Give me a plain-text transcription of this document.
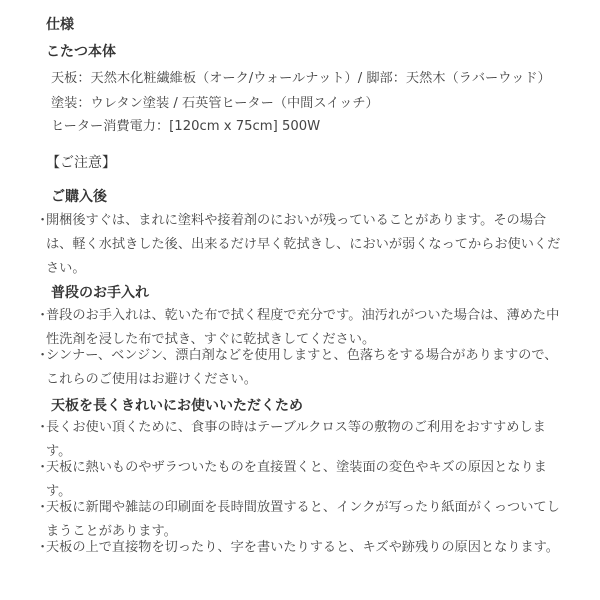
仕様
こたつ本体
天板：天然木化粧繊維板（オーク/ウォールナット）/ 脚部：天然木（ラバーウッド）
塗装：ウレタン塗装 / 石英管ヒーター（中間スイッチ）
ヒーター消費電力：[120cm x 75cm] 500W
【ご注意】
ご購入後
・
開梱後すぐは、まれに塗料や接着剤のにおいが残っていることがあります。その場合は、軽く水拭きした後、出来るだけ早く乾拭きし、においが弱くなってからお使いください。
普段のお手入れ
・
普段のお手入れは、乾いた布で拭く程度で充分です。油汚れがついた場合は、薄めた中性洗剤を浸した布で拭き、すぐに乾拭きしてください。
・
シンナー、ベンジン、漂白剤などを使用しますと、色落ちをする場合がありますので、これらのご使用はお避けください。
天板を長くきれいにお使いいただくため
・
長くお使い頂くために、食事の時はテーブルクロス等の敷物のご利用をおすすめします。
・
天板に熱いものやザラついたものを直接置くと、塗装面の変色やキズの原因となります。
・
天板に新聞や雑誌の印刷面を長時間放置すると、インクが写ったり紙面がくっついてしまうことがあります。
・
天板の上で直接物を切ったり、字を書いたりすると、キズや跡残りの原因となります。
